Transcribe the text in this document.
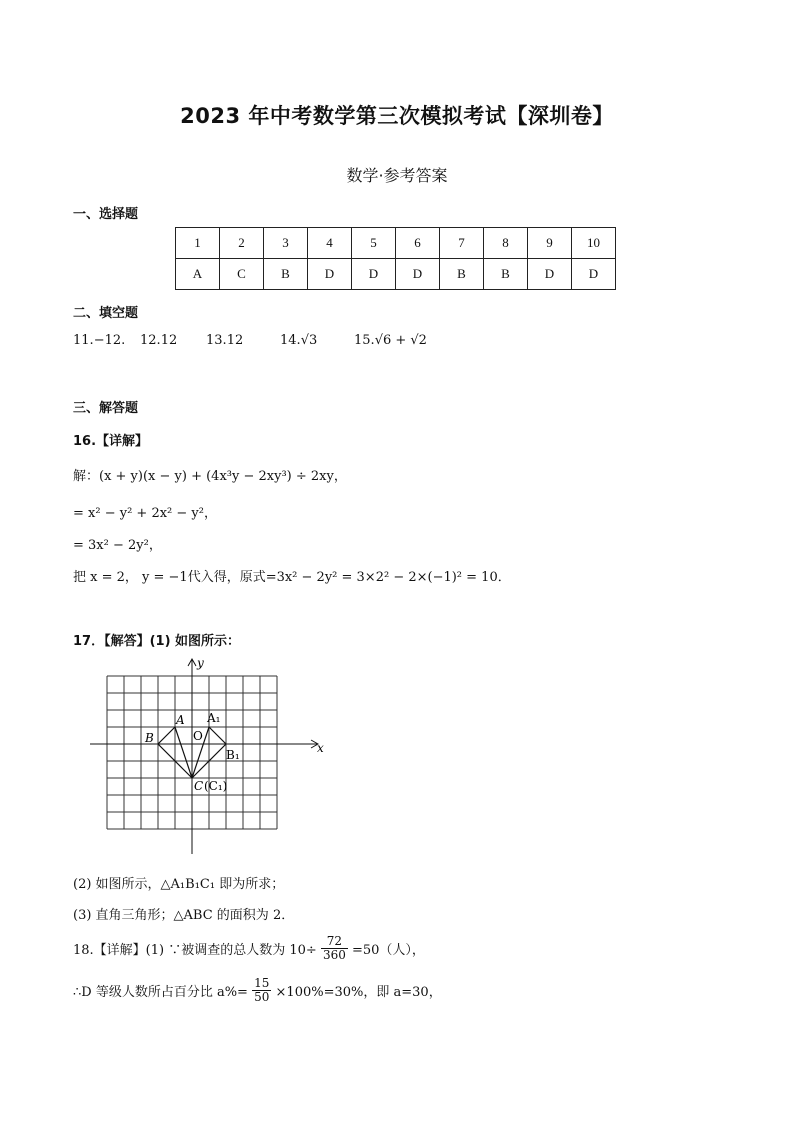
2023 年中考数学第三次模拟考试【深圳卷】
数学·参考答案
一、选择题
1	2	3	4	5	6	7	8	9	10
A	C	B	D	D	D	B	B	D	D
二、填空题
11.−12. 12.12 13.12	14.√3	15.√6 + √2
三、解答题
16.【详解】
解：(x + y)(x − y) + (4x³y − 2xy³) ÷ 2xy，
= x² − y² + 2x² − y²，
= 3x² − 2y²，
把 x = 2， y = −1代入得，原式=3x² − 2y² = 3×2² − 2×(−1)² = 10．
17．【解答】(1) 如图所示：
y
x
A A₁
O
B
B₁
C (C₁)
(2) 如图所示，△A₁B₁C₁ 即为所求；
(3) 直角三角形；△ABC 的面积为 2．
18.【详解】(1) ∵被调查的总人数为 $10\div \frac{72}{360} =50$（人），
∴D 等级人数所占百分比 $a\%= \frac{15}{50} \times 100\%=30\%$，即 a=30，
